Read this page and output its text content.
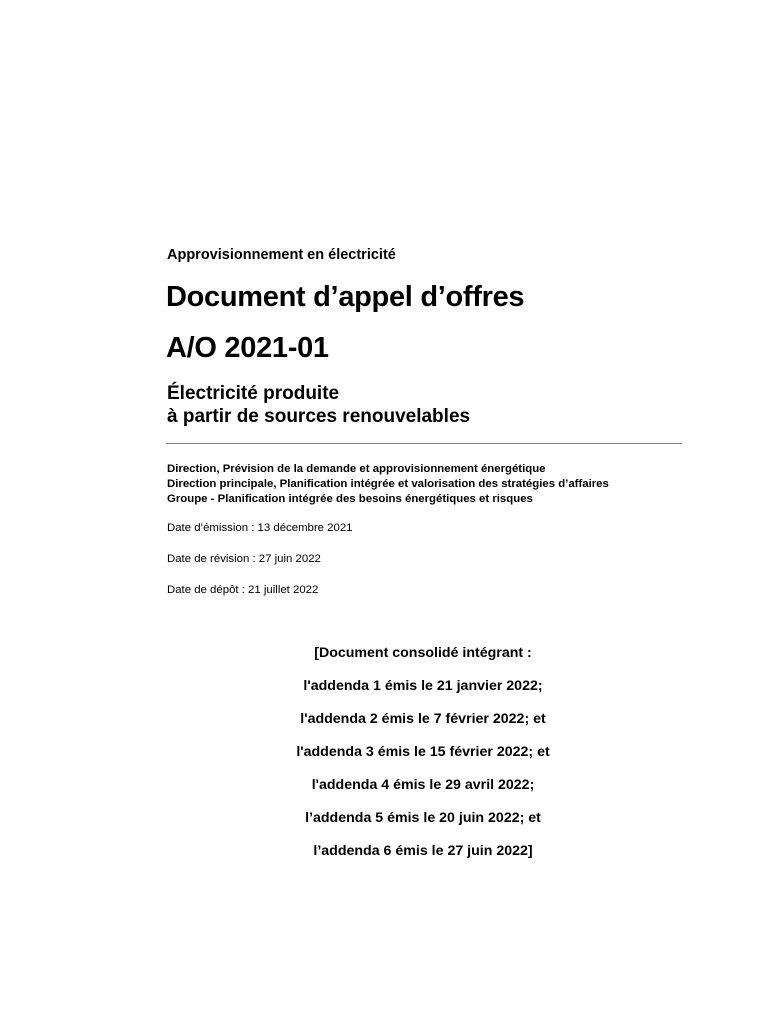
Approvisionnement en électricité
Document d’appel d’offres
A/O 2021-01
Électricité produite
à partir de sources renouvelables
Direction, Prévision de la demande et approvisionnement énergétique
Direction principale, Planification intégrée et valorisation des stratégies d’affaires
Groupe - Planification intégrée des besoins énergétiques et risques
Date d’émission : 13 décembre 2021
Date de révision : 27 juin 2022
Date de dépôt : 21 juillet 2022
[Document consolidé intégrant :
l'addenda 1 émis le 21 janvier 2022;
l'addenda 2 émis le 7 février 2022; et
l'addenda 3 émis le 15 février 2022; et
l'addenda 4 émis le 29 avril 2022;
l’addenda 5 émis le 20 juin 2022; et
l’addenda 6 émis le 27 juin 2022]
